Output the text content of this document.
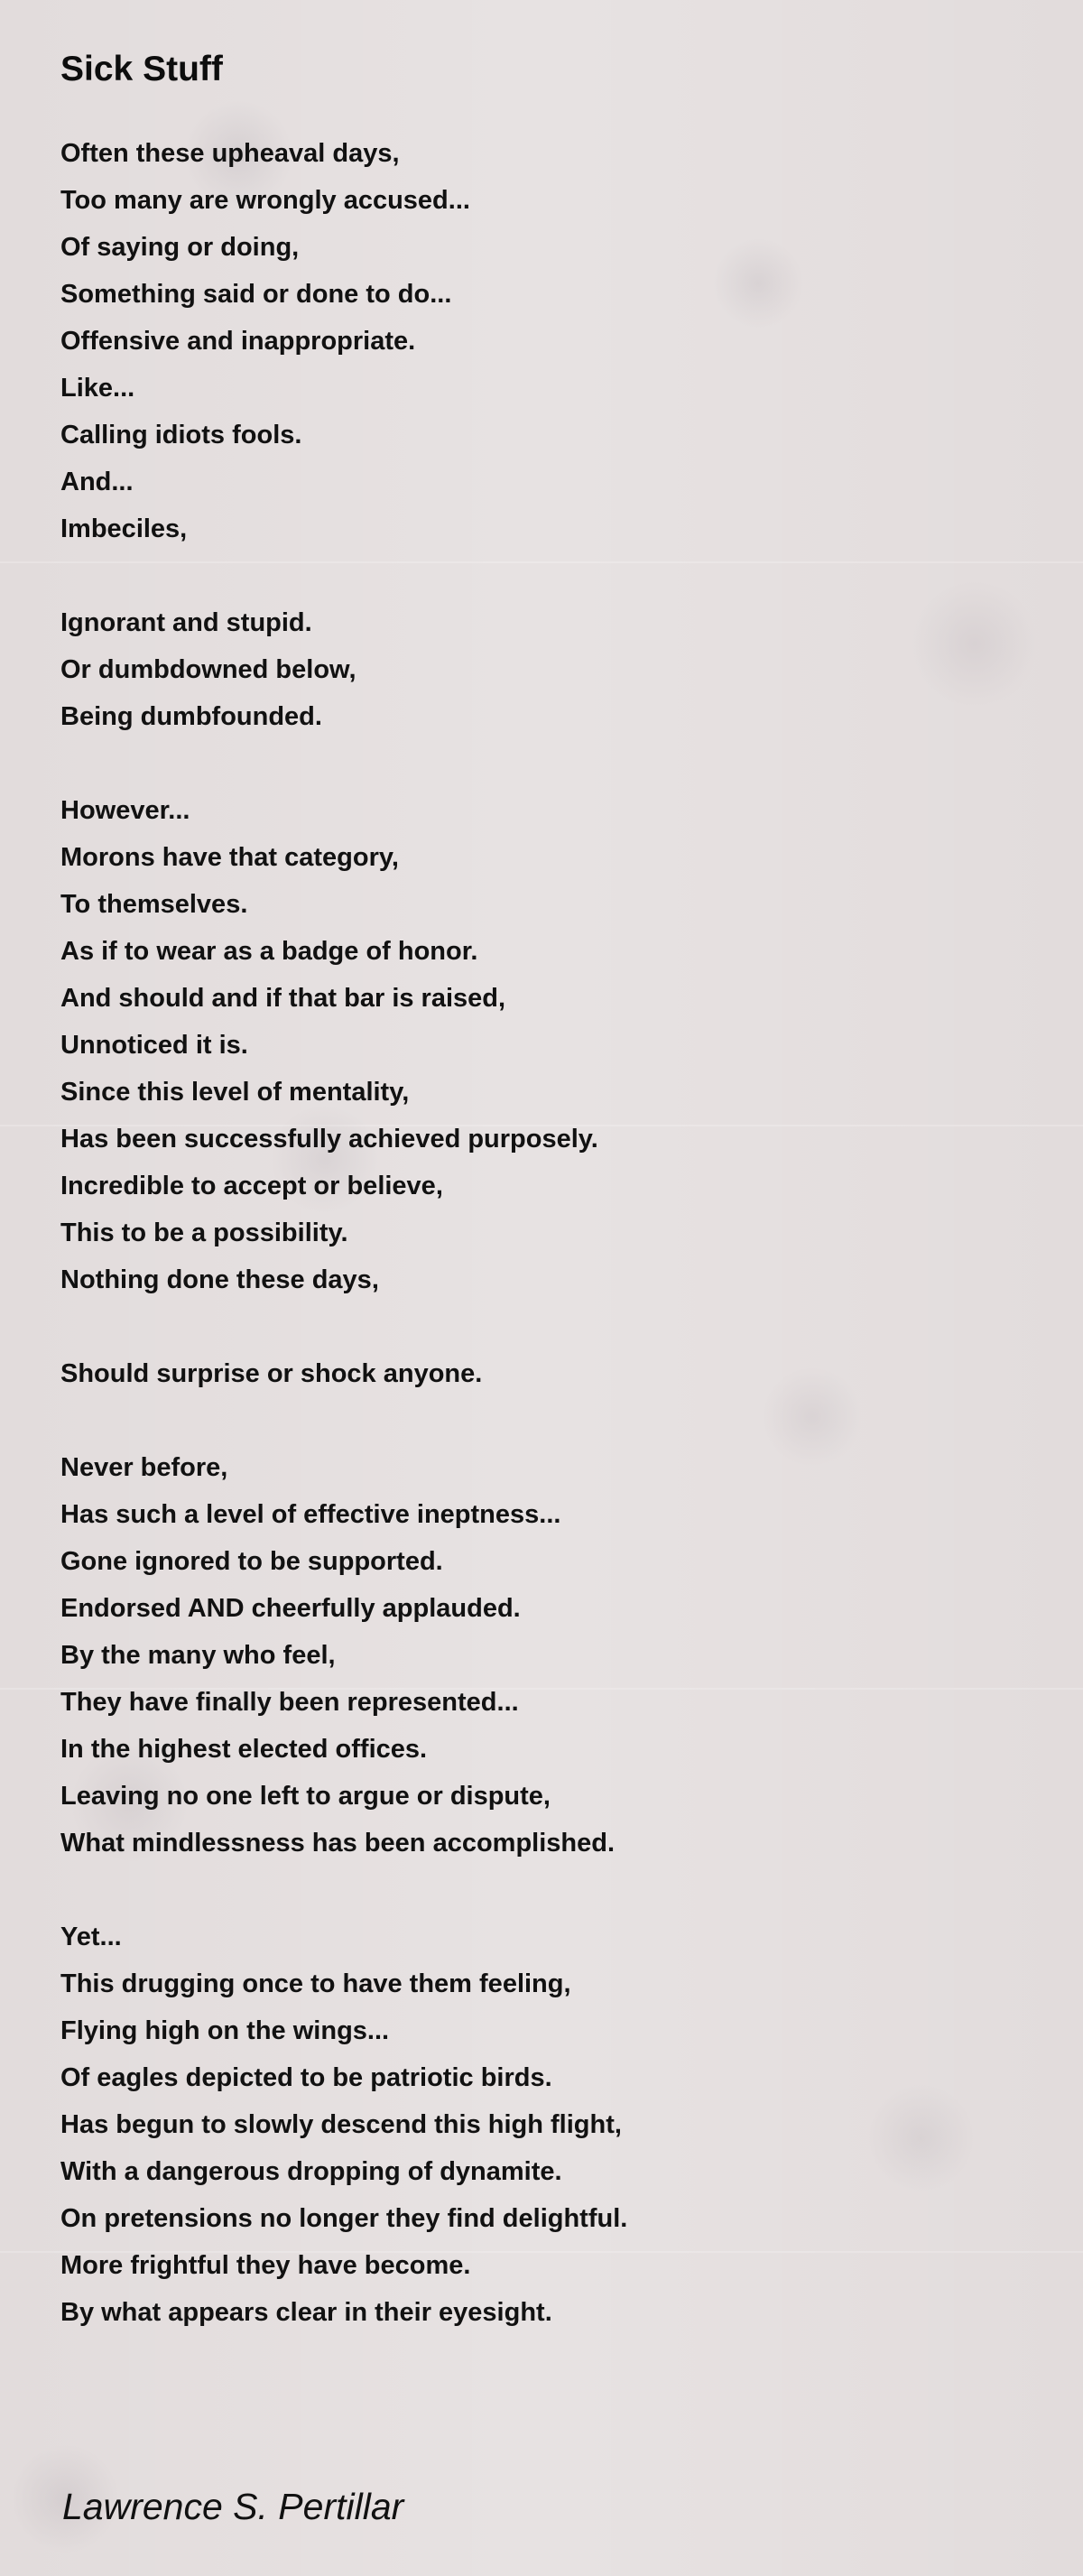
Sick Stuff
Often these upheaval days,
Too many are wrongly accused...
Of saying or doing,
Something said or done to do...
Offensive and inappropriate.
Like...
Calling idiots fools.
And...
Imbeciles,
Ignorant and stupid.
Or dumbdowned below,
Being dumbfounded.
However...
Morons have that category,
To themselves.
As if to wear as a badge of honor.
And should and if that bar is raised,
Unnoticed it is.
Since this level of mentality,
Has been successfully achieved purposely.
Incredible to accept or believe,
This to be a possibility.
Nothing done these days,
Should surprise or shock anyone.
Never before,
Has such a level of effective ineptness...
Gone ignored to be supported.
Endorsed AND cheerfully applauded.
By the many who feel,
They have finally been represented...
In the highest elected offices.
Leaving no one left to argue or dispute,
What mindlessness has been accomplished.
Yet...
This drugging once to have them feeling,
Flying high on the wings...
Of eagles depicted to be patriotic birds.
Has begun to slowly descend this high flight,
With a dangerous dropping of dynamite.
On pretensions no longer they find delightful.
More frightful they have become.
By what appears clear in their eyesight.
Lawrence S. Pertillar
